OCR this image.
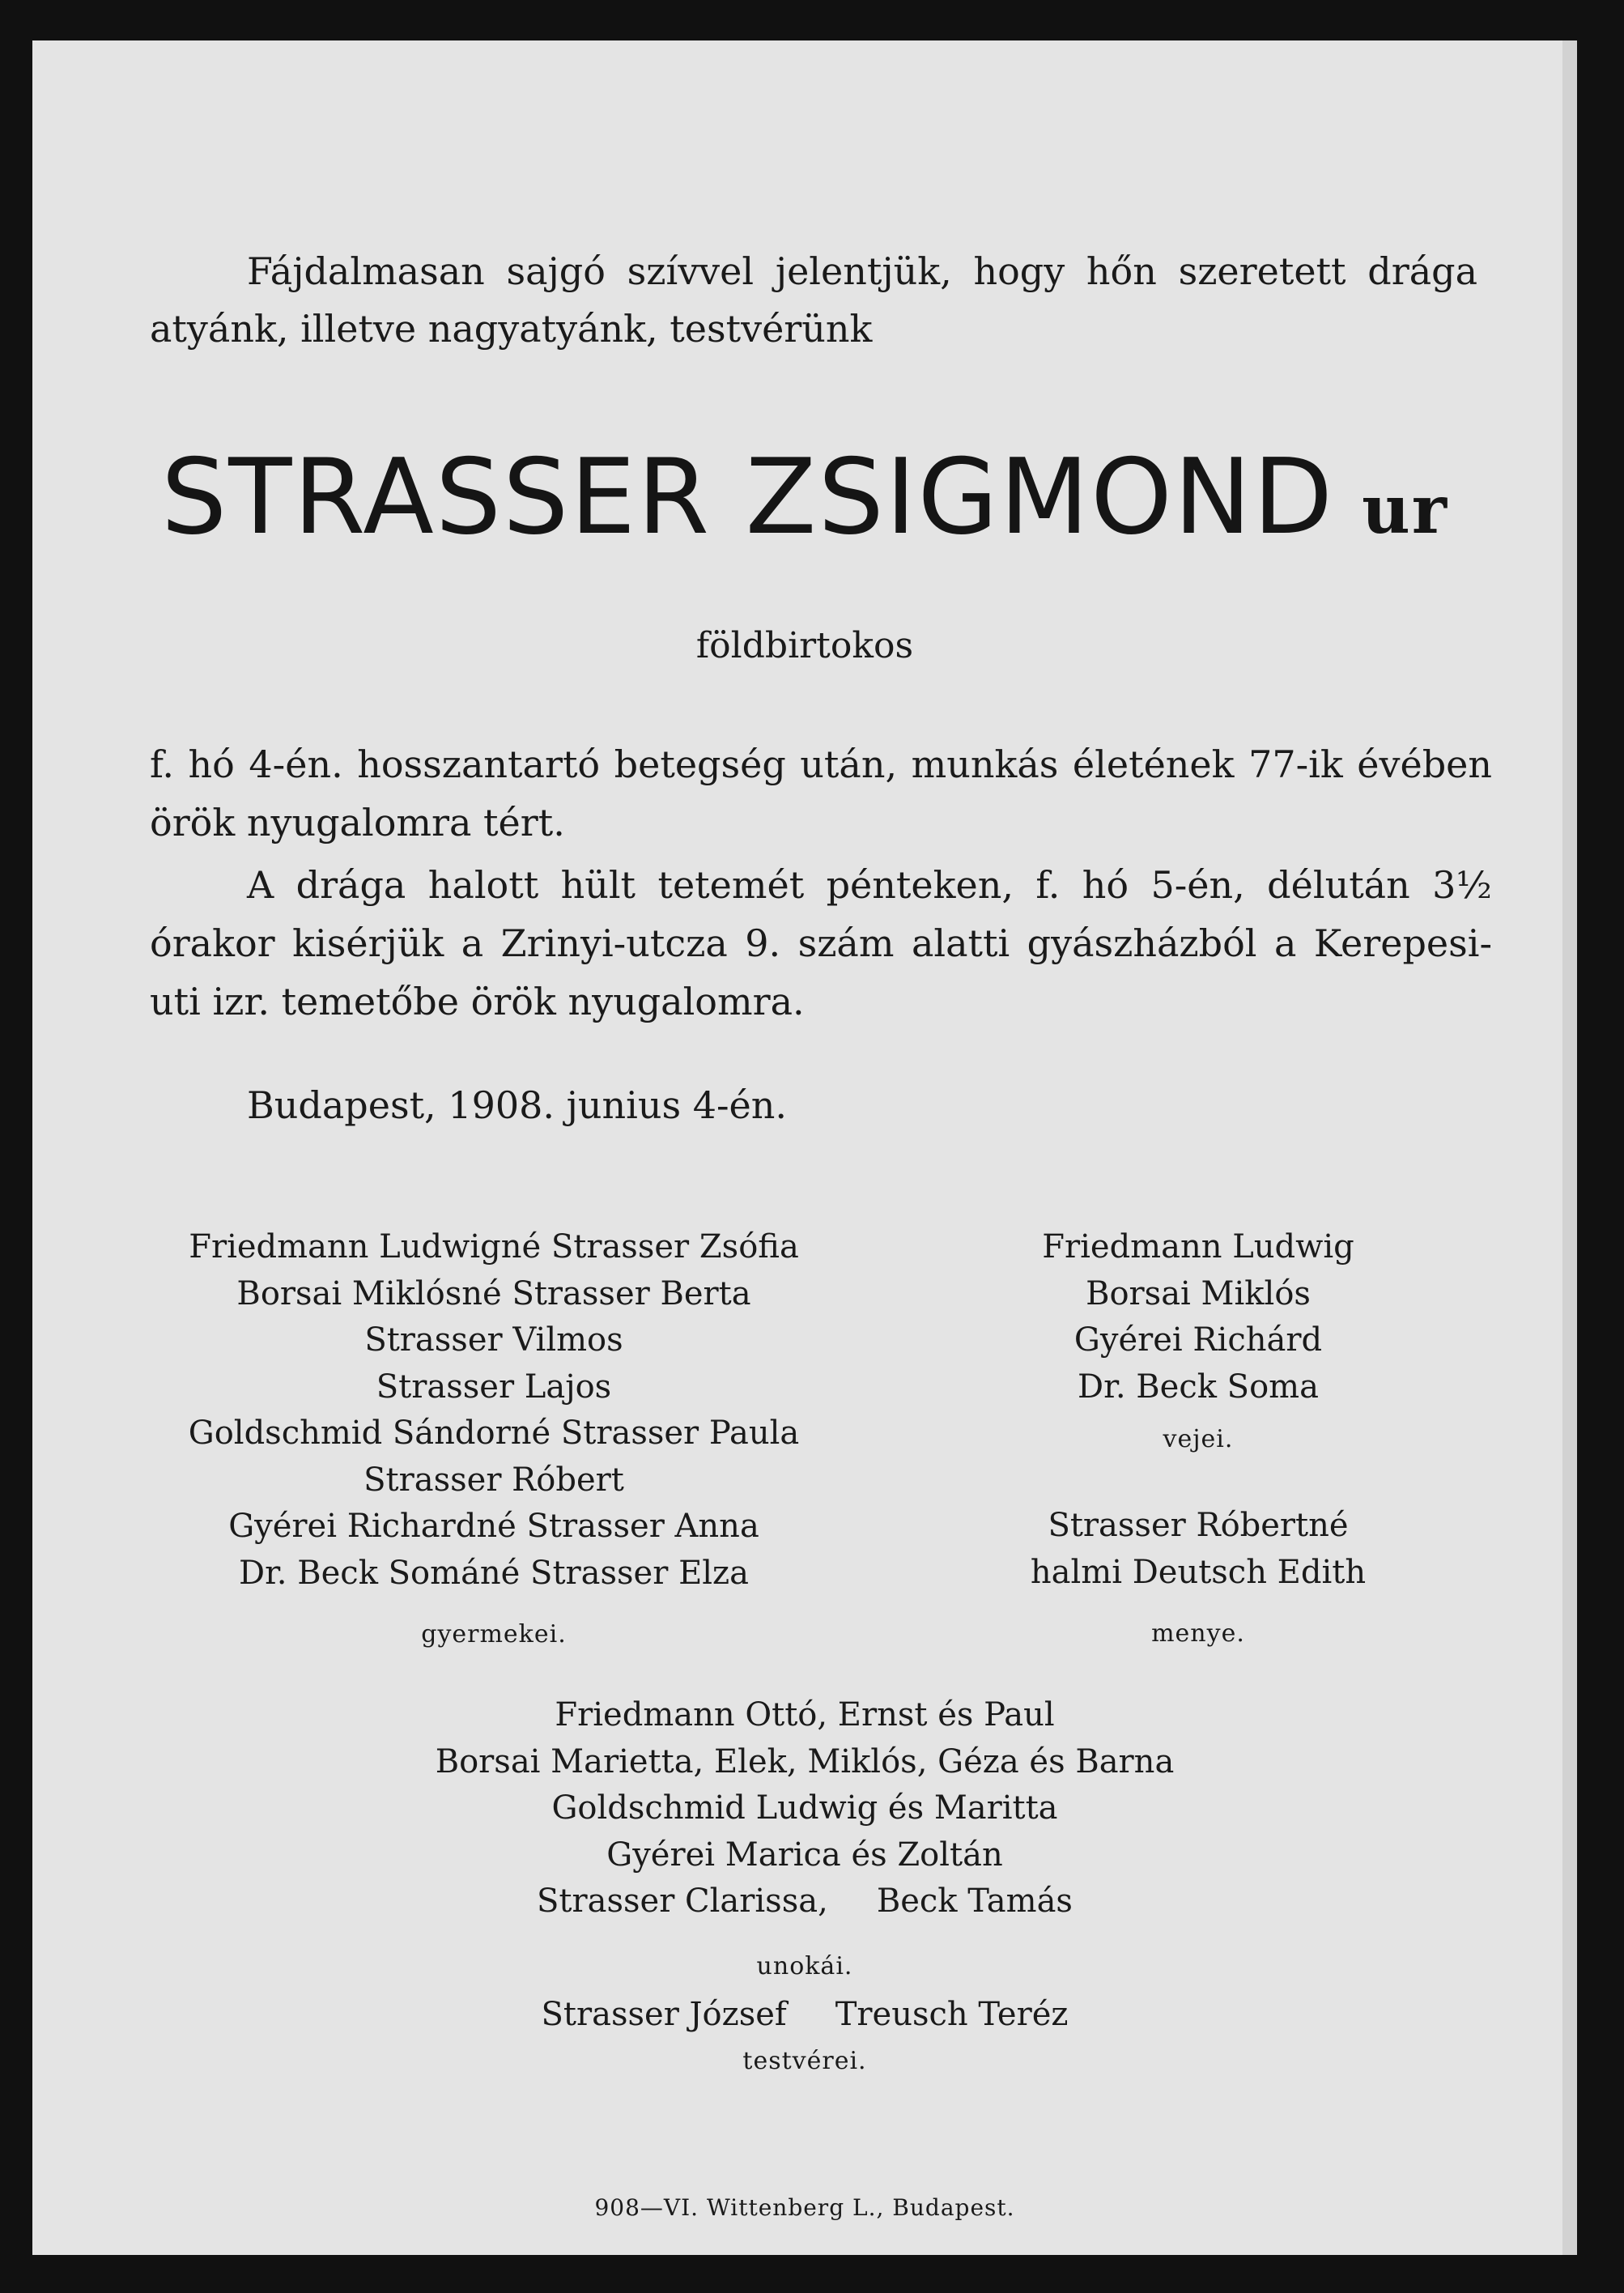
Fájdalmasan sajgó szívvel jelentjük, hogy hőn szeretett drága atyánk, illetve nagyatyánk, testvérünk

STRASSER ZSIGMOND ur

földbirtokos

f. hó 4-én. hosszantartó betegség után, munkás életének 77-ik évében örök nyugalomra tért.

A drága halott hült tetemét pénteken, f. hó 5-én, délután 3½ órakor kisérjük a Zrinyi-utcza 9. szám alatti gyászházból a Kerepesi-uti izr. temetőbe örök nyugalomra.

Budapest, 1908. junius 4-én.

Friedmann Ludwigné Strasser Zsófia
Borsai Miklósné Strasser Berta
Strasser Vilmos
Strasser Lajos
Goldschmid Sándorné Strasser Paula
Strasser Róbert
Gyérei Richardné Strasser Anna
Dr. Beck Sománé Strasser Elza
gyermekei.
Friedmann Ludwig
Borsai Miklós
Gyérei Richárd
Dr. Beck Soma
vejei.
Strasser Róbertné
halmi Deutsch Edith
menye.
Friedmann Ottó, Ernst és Paul
Borsai Marietta, Elek, Miklós, Géza és Barna
Goldschmid Ludwig és Maritta
Gyérei Marica és Zoltán
Strasser Clarissa, Beck Tamás
unokái.
Strasser József Treusch Teréz
testvérei.

908—VI. Wittenberg L., Budapest.
